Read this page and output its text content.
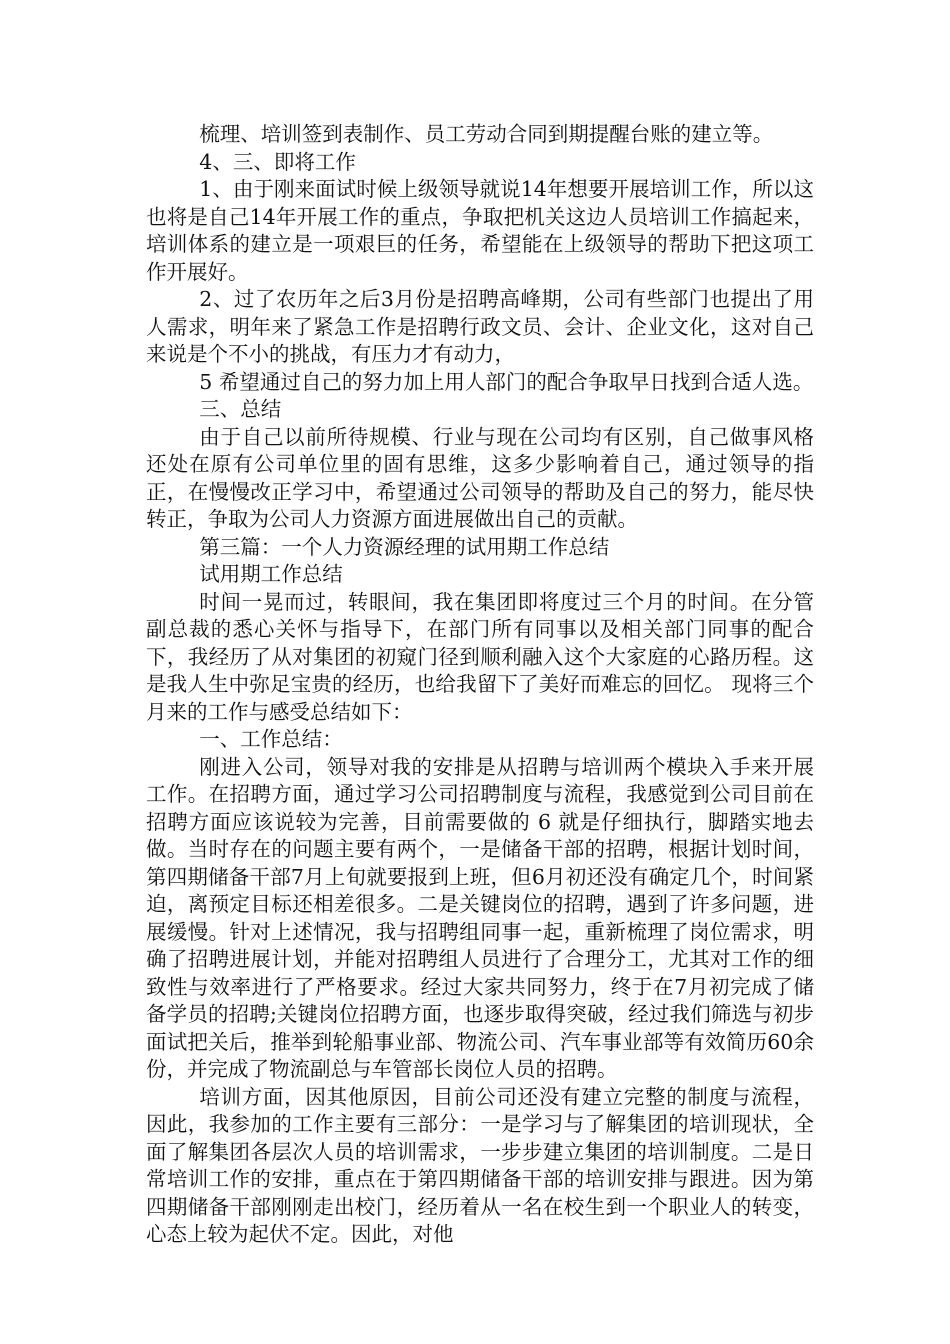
梳理、培训签到表制作、员工劳动合同到期提醒台账的建立等。

4、三、即将工作

1、由于刚来面试时候上级领导就说14年想要开展培训工作，所以这也将是自己14年开展工作的重点，争取把机关这边人员培训工作搞起来，培训体系的建立是一项艰巨的任务，希望能在上级领导的帮助下把这项工作开展好。

2、过了农历年之后3月份是招聘高峰期，公司有些部门也提出了用人需求，明年来了紧急工作是招聘行政文员、会计、企业文化，这对自己来说是个不小的挑战，有压力才有动力，

5 希望通过自己的努力加上用人部门的配合争取早日找到合适人选。

三、总结

由于自己以前所待规模、行业与现在公司均有区别，自己做事风格还处在原有公司单位里的固有思维，这多少影响着自己，通过领导的指正，在慢慢改正学习中，希望通过公司领导的帮助及自己的努力，能尽快转正，争取为公司人力资源方面进展做出自己的贡献。

第三篇：一个人力资源经理的试用期工作总结

试用期工作总结

时间一晃而过，转眼间，我在集团即将度过三个月的时间。在分管副总裁的悉心关怀与指导下，在部门所有同事以及相关部门同事的配合下，我经历了从对集团的初窥门径到顺利融入这个大家庭的心路历程。这是我人生中弥足宝贵的经历，也给我留下了美好而难忘的回忆。 现将三个月来的工作与感受总结如下：

一、工作总结：

刚进入公司，领导对我的安排是从招聘与培训两个模块入手来开展工作。在招聘方面，通过学习公司招聘制度与流程，我感觉到公司目前在招聘方面应该说较为完善，目前需要做的 6 就是仔细执行，脚踏实地去做。当时存在的问题主要有两个，一是储备干部的招聘，根据计划时间，第四期储备干部7月上旬就要报到上班，但6月初还没有确定几个，时间紧迫，离预定目标还相差很多。二是关键岗位的招聘，遇到了许多问题，进展缓慢。针对上述情况，我与招聘组同事一起，重新梳理了岗位需求，明确了招聘进展计划，并能对招聘组人员进行了合理分工，尤其对工作的细致性与效率进行了严格要求。经过大家共同努力，终于在7月初完成了储备学员的招聘;关键岗位招聘方面，也逐步取得突破，经过我们筛选与初步面试把关后，推举到轮船事业部、物流公司、汽车事业部等有效简历60余份，并完成了物流副总与车管部长岗位人员的招聘。

培训方面，因其他原因，目前公司还没有建立完整的制度与流程，因此，我参加的工作主要有三部分：一是学习与了解集团的培训现状，全面了解集团各层次人员的培训需求，一步步建立集团的培训制度。二是日常培训工作的安排，重点在于第四期储备干部的培训安排与跟进。因为第四期储备干部刚刚走出校门，经历着从一名在校生到一个职业人的转变，心态上较为起伏不定。因此，对他
